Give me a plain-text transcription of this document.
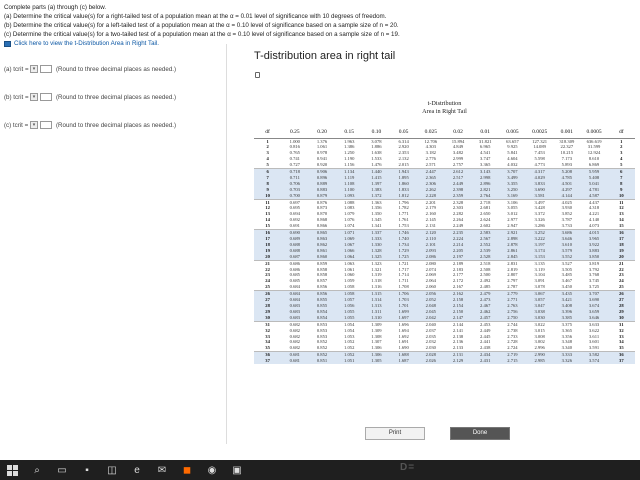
Complete parts (a) through (c) below.
(a) Determine the critical value(s) for a right-tailed test of a population mean at the α = 0.01 level of significance with 10 degrees of freedom.
(b) Determine the critical value(s) for a left-tailed test of a population mean at the α = 0.10 level of significance based on a sample size of n = 20.
(c) Determine the critical value(s) for a two-tailed test of a population mean at the α = 0.10 level of significance based on a sample size of n = 19.
Click here to view the t-Distribution Area in Right Tail.
(a) tcrit = ▾	(Round to three decimal places as needed.)
(b) tcrit = ▾	(Round to three decimal places as needed.)
(c) tcrit = ▾	(Round to three decimal places as needed.)
T-distribution area in right tail
t-Distribution
Area in Right Tail
df	0.25	0.20	0.15	0.10	0.05	0.025	0.02	0.01	0.005	0.0025	0.001	0.0005	df
1	1.000	1.376	1.963	3.078	6.314	12.706	15.894	31.821	63.657	127.321	318.309	636.619	1
2	0.816	1.061	1.386	1.886	2.920	4.303	4.849	6.965	9.925	14.089	22.327	31.599	2
3	0.765	0.978	1.250	1.638	2.353	3.182	3.482	4.541	5.841	7.453	10.215	12.924	3
4	0.741	0.941	1.190	1.533	2.132	2.776	2.999	3.747	4.604	5.598	7.173	8.610	4
5	0.727	0.920	1.156	1.476	2.015	2.571	2.757	3.365	4.032	4.773	5.893	6.869	5
6	0.718	0.906	1.134	1.440	1.943	2.447	2.612	3.143	3.707	4.317	5.208	5.959	6
7	0.711	0.896	1.119	1.415	1.895	2.365	2.517	2.998	3.499	4.029	4.785	5.408	7
8	0.706	0.889	1.108	1.397	1.860	2.306	2.449	2.896	3.355	3.833	4.501	5.041	8
9	0.703	0.883	1.100	1.383	1.833	2.262	2.398	2.821	3.250	3.690	4.297	4.781	9
10	0.700	0.879	1.093	1.372	1.812	2.228	2.359	2.764	3.169	3.581	4.144	4.587	10
11	0.697	0.876	1.088	1.363	1.796	2.201	2.328	2.718	3.106	3.497	4.025	4.437	11
12	0.695	0.873	1.083	1.356	1.782	2.179	2.303	2.681	3.055	3.428	3.930	4.318	12
13	0.694	0.870	1.079	1.350	1.771	2.160	2.282	2.650	3.012	3.372	3.852	4.221	13
14	0.692	0.868	1.076	1.345	1.761	2.145	2.264	2.624	2.977	3.326	3.787	4.140	14
15	0.691	0.866	1.074	1.341	1.753	2.131	2.249	2.602	2.947	3.286	3.733	4.073	15
16	0.690	0.865	1.071	1.337	1.746	2.120	2.235	2.583	2.921	3.252	3.686	4.015	16
17	0.689	0.863	1.069	1.333	1.740	2.110	2.224	2.567	2.898	3.222	3.646	3.965	17
18	0.688	0.862	1.067	1.330	1.734	2.101	2.214	2.552	2.878	3.197	3.610	3.922	18
19	0.688	0.861	1.066	1.328	1.729	2.093	2.205	2.539	2.861	3.174	3.579	3.883	19
20	0.687	0.860	1.064	1.325	1.725	2.086	2.197	2.528	2.845	3.153	3.552	3.850	20
21	0.686	0.859	1.063	1.323	1.721	2.080	2.189	2.518	2.831	3.135	3.527	3.819	21
22	0.686	0.858	1.061	1.321	1.717	2.074	2.183	2.508	2.819	3.119	3.505	3.792	22
23	0.685	0.858	1.060	1.319	1.714	2.069	2.177	2.500	2.807	3.104	3.485	3.768	23
24	0.685	0.857	1.059	1.318	1.711	2.064	2.172	2.492	2.797	3.091	3.467	3.745	24
25	0.684	0.856	1.058	1.316	1.708	2.060	2.167	2.485	2.787	3.078	3.450	3.725	25
26	0.684	0.856	1.058	1.315	1.706	2.056	2.162	2.479	2.779	3.067	3.435	3.707	26
27	0.684	0.855	1.057	1.314	1.703	2.052	2.158	2.473	2.771	3.057	3.421	3.690	27
28	0.683	0.855	1.056	1.313	1.701	2.048	2.154	2.467	2.763	3.047	3.408	3.674	28
29	0.683	0.854	1.055	1.311	1.699	2.045	2.150	2.462	2.756	3.038	3.396	3.659	29
30	0.683	0.854	1.055	1.310	1.697	2.042	2.147	2.457	2.750	3.030	3.385	3.646	30
31	0.682	0.853	1.054	1.309	1.696	2.040	2.144	2.453	2.744	3.022	3.375	3.633	31
32	0.682	0.853	1.054	1.309	1.694	2.037	2.141	2.449	2.738	3.015	3.365	3.622	32
33	0.682	0.853	1.053	1.308	1.692	2.035	2.138	2.445	2.733	3.008	3.356	3.611	33
34	0.682	0.852	1.052	1.307	1.691	2.032	2.136	2.441	2.728	3.002	3.348	3.601	34
35	0.682	0.852	1.052	1.306	1.690	2.030	2.133	2.438	2.724	2.996	3.340	3.591	35
36	0.681	0.852	1.052	1.306	1.688	2.028	2.131	2.434	2.719	2.990	3.333	3.582	36
37	0.681	0.851	1.051	1.305	1.687	2.026	2.129	2.431	2.715	2.985	3.326	3.574	37
Print	Done
⌕	▭	▪	◫	e	✉	◼	◉	▣	D=
